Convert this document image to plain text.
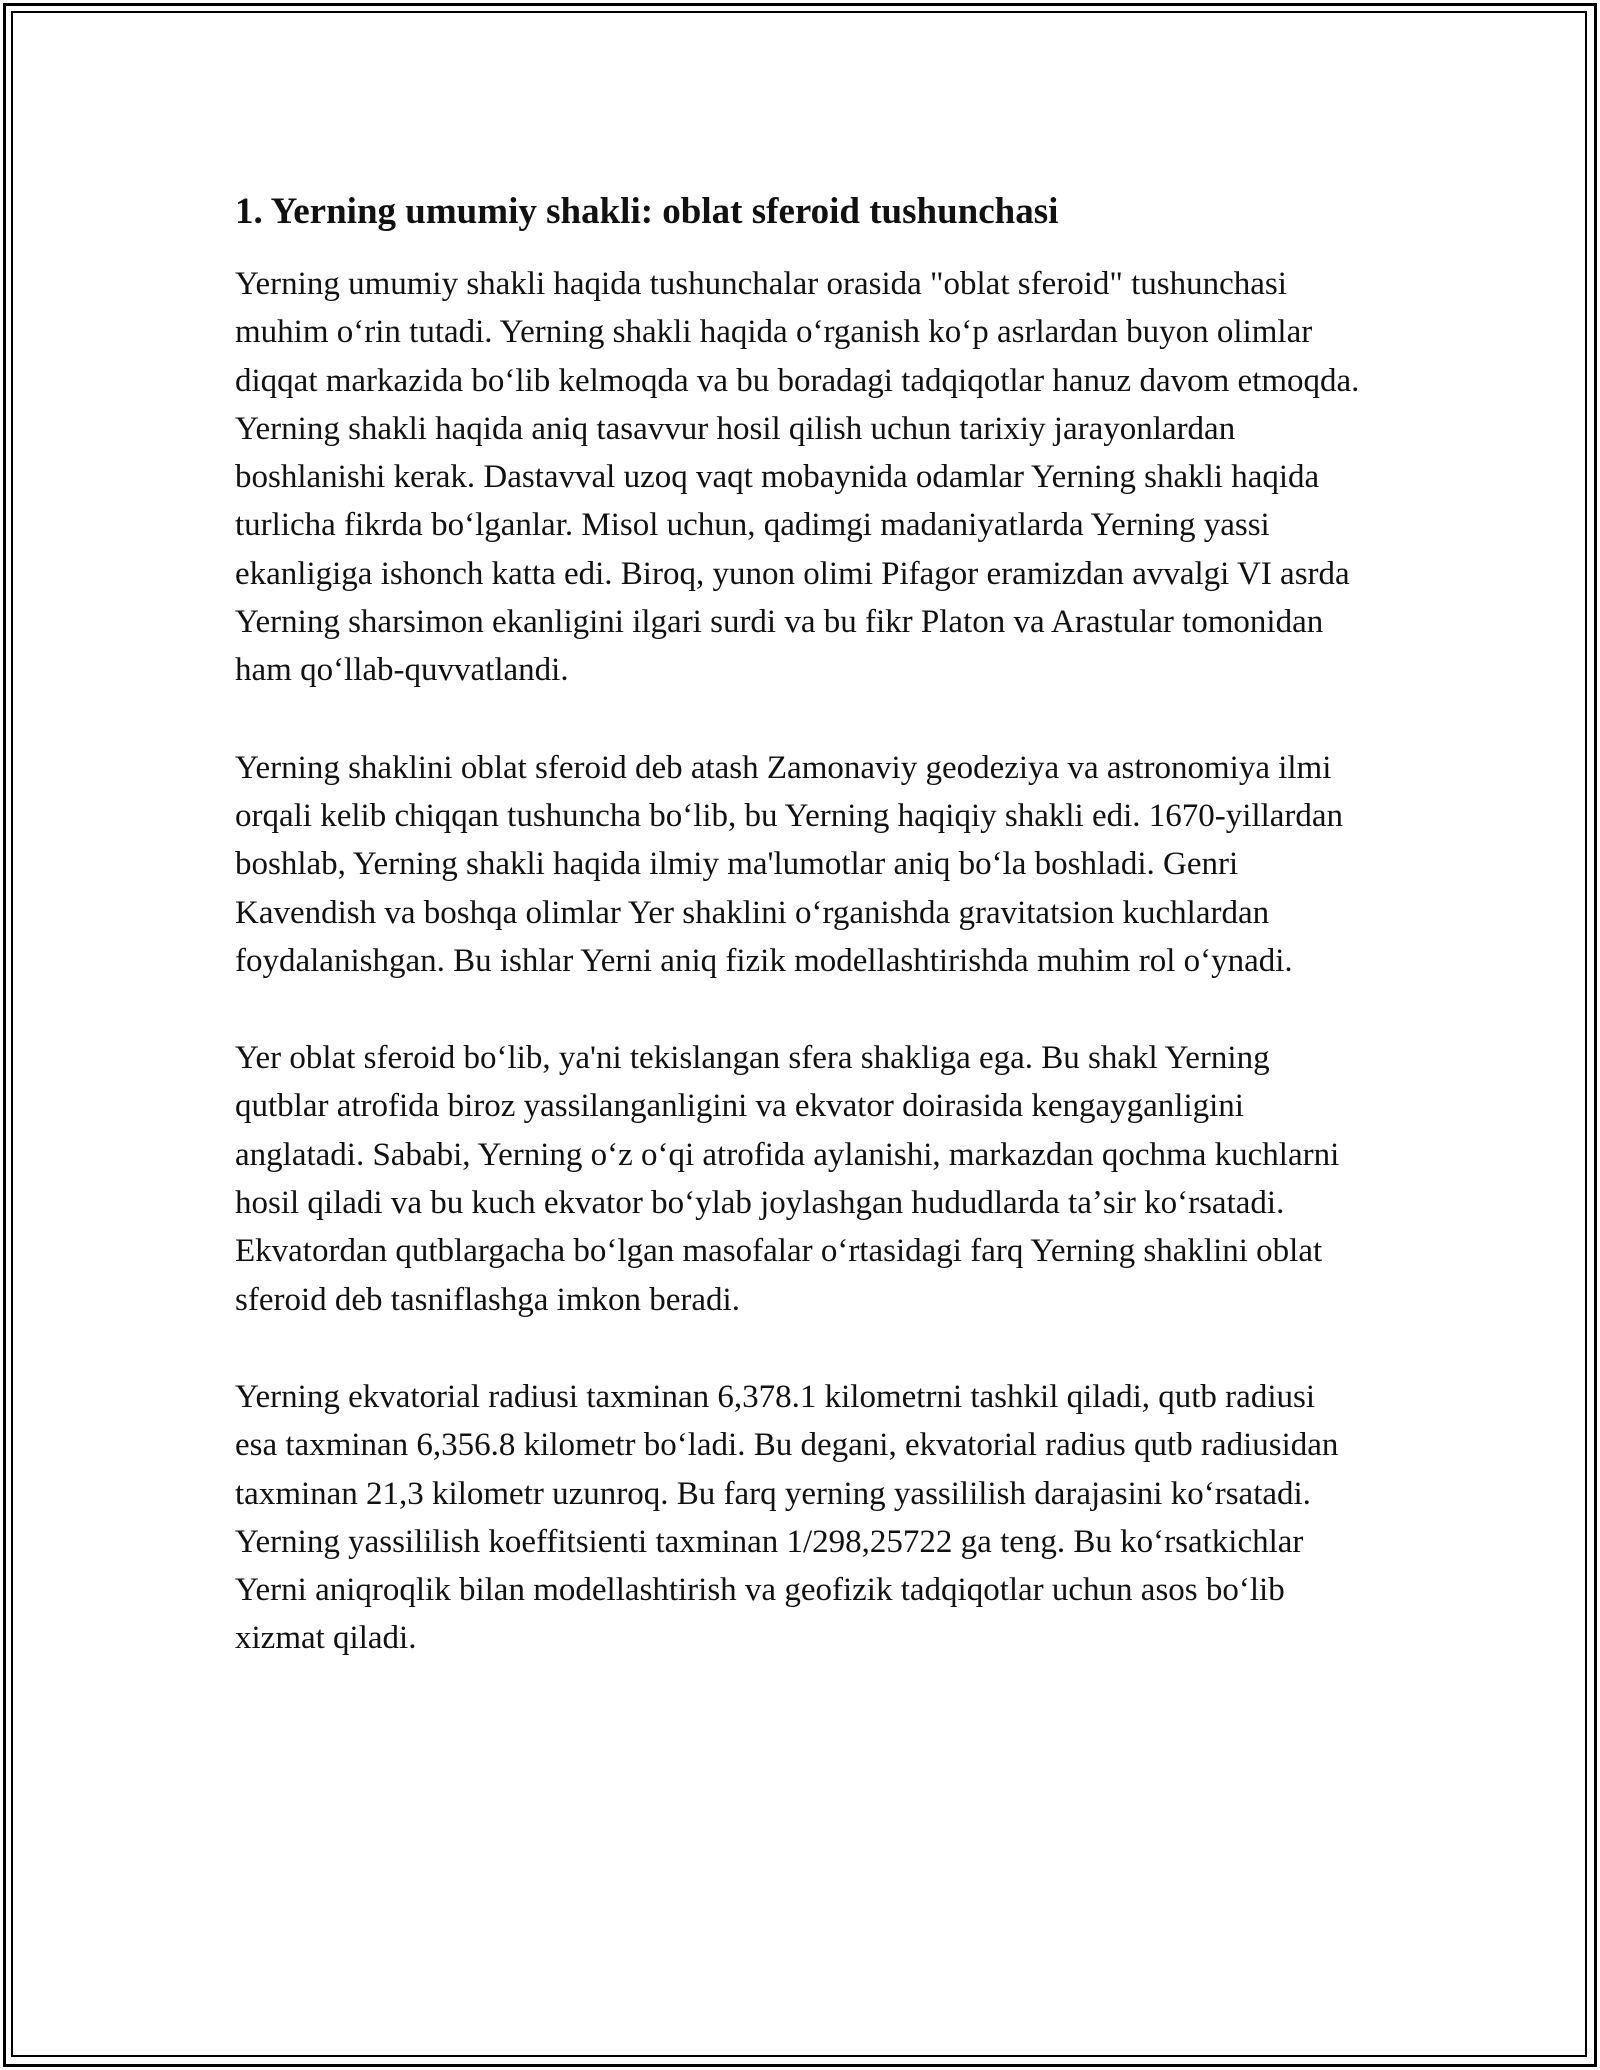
1. Yerning umumiy shakli: oblat sferoid tushunchasi

Yerning umumiy shakli haqida tushunchalar orasida "oblat sferoid" tushunchasi muhim oʻrin tutadi. Yerning shakli haqida oʻrganish koʻp asrlardan buyon olimlar diqqat markazida boʻlib kelmoqda va bu boradagi tadqiqotlar hanuz davom etmoqda. Yerning shakli haqida aniq tasavvur hosil qilish uchun tarixiy jarayonlardan boshlanishi kerak. Dastavval uzoq vaqt mobaynida odamlar Yerning shakli haqida turlicha fikrda boʻlganlar. Misol uchun, qadimgi madaniyatlarda Yerning yassi ekanligiga ishonch katta edi. Biroq, yunon olimi Pifagor eramizdan avvalgi VI asrda Yerning sharsimon ekanligini ilgari surdi va bu fikr Platon va Arastular tomonidan ham qoʻllab-quvvatlandi.

Yerning shaklini oblat sferoid deb atash Zamonaviy geodeziya va astronomiya ilmi orqali kelib chiqqan tushuncha boʻlib, bu Yerning haqiqiy shakli edi. 1670-yillardan boshlab, Yerning shakli haqida ilmiy ma'lumotlar aniq boʻla boshladi. Genri Kavendish va boshqa olimlar Yer shaklini oʻrganishda gravitatsion kuchlardan foydalanishgan. Bu ishlar Yerni aniq fizik modellashtirishda muhim rol oʻynadi.

Yer oblat sferoid boʻlib, ya'ni tekislangan sfera shakliga ega. Bu shakl Yerning qutblar atrofida biroz yassilanganligini va ekvator doirasida kengayganligini anglatadi. Sababi, Yerning oʻz oʻqi atrofida aylanishi, markazdan qochma kuchlarni hosil qiladi va bu kuch ekvator boʻylab joylashgan hududlarda taʼsir koʻrsatadi. Ekvatordan qutblargacha boʻlgan masofalar oʻrtasidagi farq Yerning shaklini oblat sferoid deb tasniflashga imkon beradi.

Yerning ekvatorial radiusi taxminan 6,378.1 kilometrni tashkil qiladi, qutb radiusi esa taxminan 6,356.8 kilometr boʻladi. Bu degani, ekvatorial radius qutb radiusidan taxminan 21,3 kilometr uzunroq. Bu farq yerning yassililish darajasini koʻrsatadi. Yerning yassililish koeffitsienti taxminan 1/298,25722 ga teng. Bu koʻrsatkichlar Yerni aniqroqlik bilan modellashtirish va geofizik tadqiqotlar uchun asos boʻlib xizmat qiladi.
